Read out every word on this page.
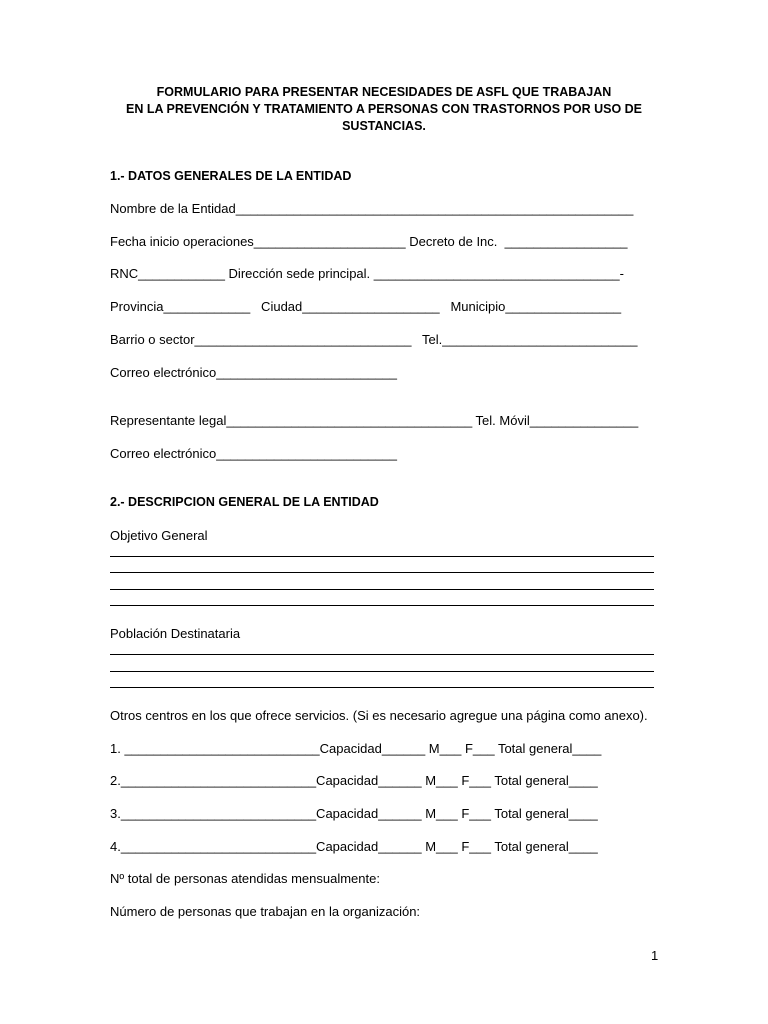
FORMULARIO PARA PRESENTAR NECESIDADES DE ASFL QUE TRABAJAN
EN LA PREVENCIÓN Y TRATAMIENTO A PERSONAS CON TRASTORNOS POR USO DE
SUSTANCIAS.
1.- DATOS GENERALES DE LA ENTIDAD
Nombre de la Entidad_______________________________________________________
Fecha inicio operaciones_____________________ Decreto de Inc.  _________________
RNC____________ Dirección sede principal. __________________________________-
Provincia____________   Ciudad___________________   Municipio________________
Barrio o sector______________________________   Tel.___________________________
Correo electrónico_________________________
Representante legal__________________________________ Tel. Móvil_______________
Correo electrónico_________________________
2.- DESCRIPCION GENERAL DE LA ENTIDAD
Objetivo General
Población Destinataria
Otros centros en los que ofrece servicios. (Si es necesario agregue una página como anexo).
1. ___________________________Capacidad______ M___ F___ Total general____
2.___________________________Capacidad______ M___ F___ Total general____
3.___________________________Capacidad______ M___ F___ Total general____
4.___________________________Capacidad______ M___ F___ Total general____
Nº total de personas atendidas mensualmente:
Número de personas que trabajan en la organización:
1
